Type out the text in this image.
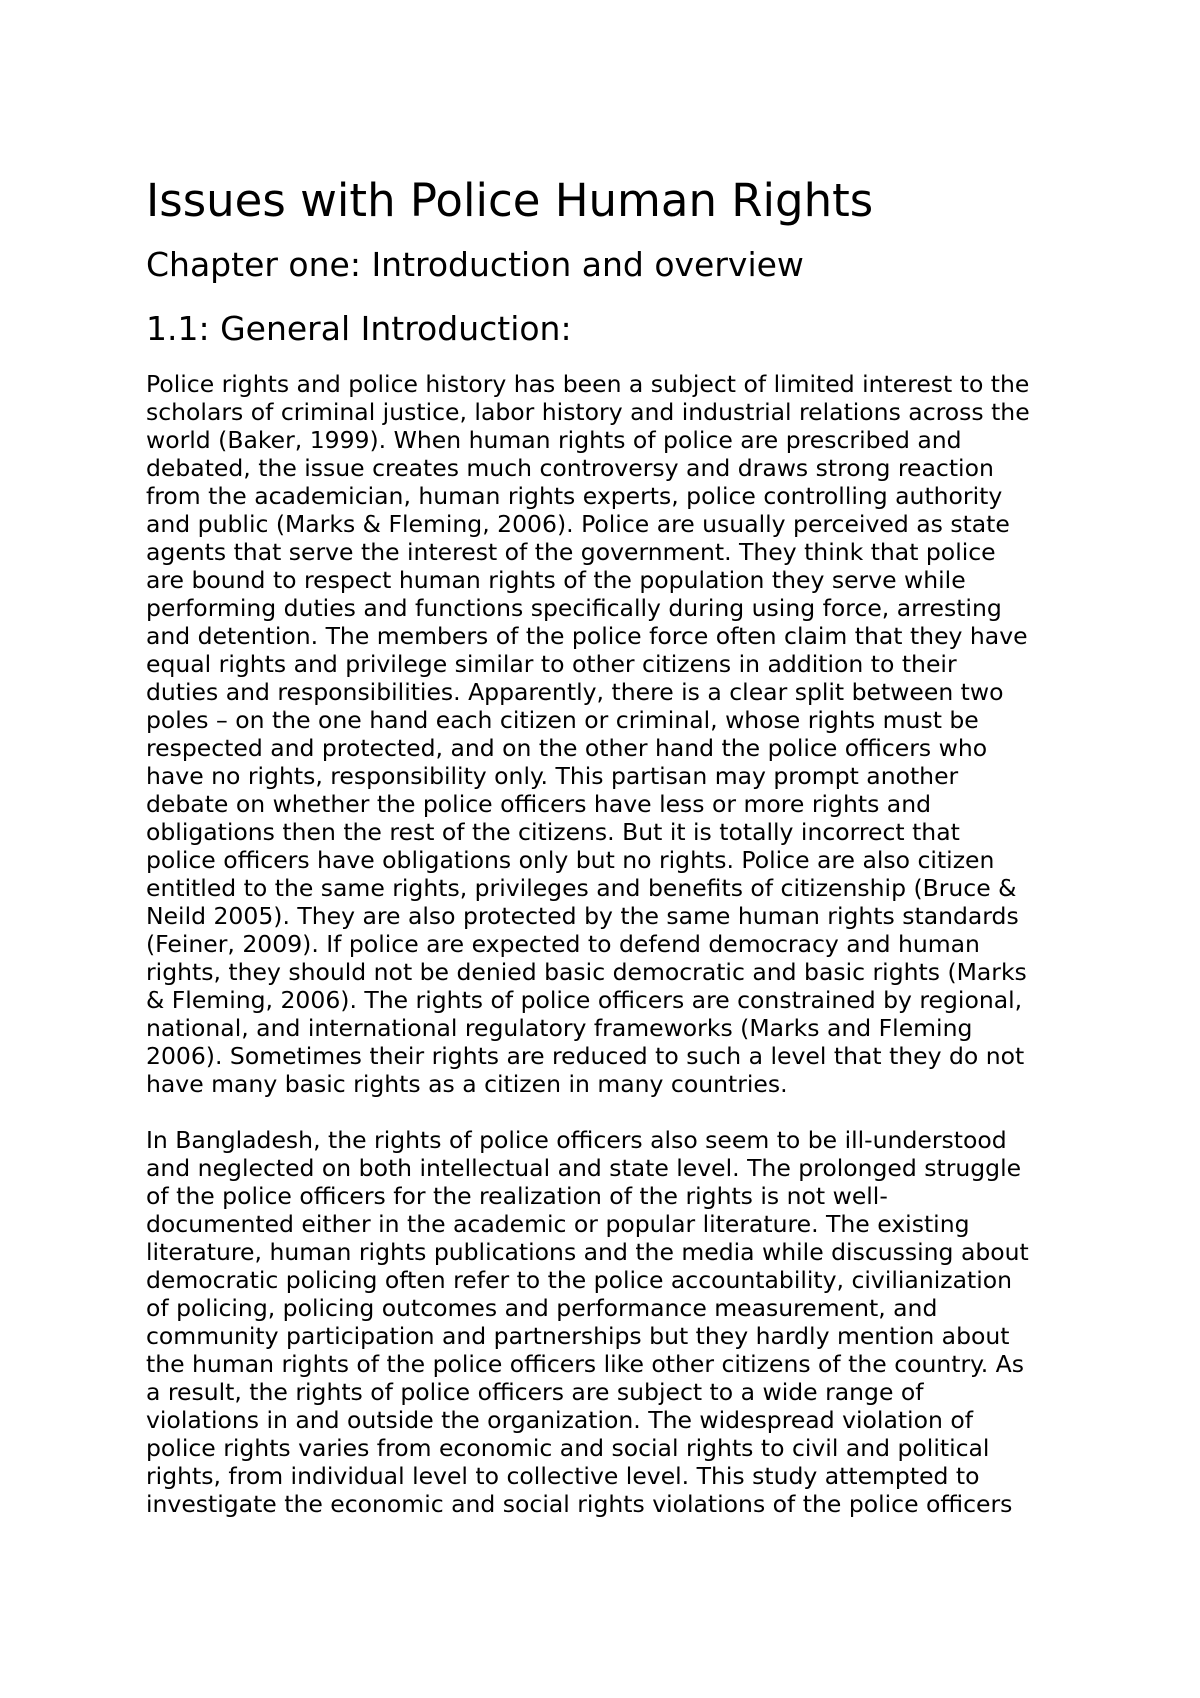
Issues with Police Human Rights
Chapter one: Introduction and overview
1.1: General Introduction:
Police rights and police history has been a subject of limited interest to the
scholars of criminal justice, labor history and industrial relations across the
world (Baker, 1999). When human rights of police are prescribed and
debated, the issue creates much controversy and draws strong reaction
from the academician, human rights experts, police controlling authority
and public (Marks & Fleming, 2006). Police are usually perceived as state
agents that serve the interest of the government. They think that police
are bound to respect human rights of the population they serve while
performing duties and functions specifically during using force, arresting
and detention. The members of the police force often claim that they have
equal rights and privilege similar to other citizens in addition to their
duties and responsibilities. Apparently, there is a clear split between two
poles – on the one hand each citizen or criminal, whose rights must be
respected and protected, and on the other hand the police officers who
have no rights, responsibility only. This partisan may prompt another
debate on whether the police officers have less or more rights and
obligations then the rest of the citizens. But it is totally incorrect that
police officers have obligations only but no rights. Police are also citizen
entitled to the same rights, privileges and benefits of citizenship (Bruce &
Neild 2005). They are also protected by the same human rights standards
(Feiner, 2009). If police are expected to defend democracy and human
rights, they should not be denied basic democratic and basic rights (Marks
& Fleming, 2006). The rights of police officers are constrained by regional,
national, and international regulatory frameworks (Marks and Fleming
2006). Sometimes their rights are reduced to such a level that they do not
have many basic rights as a citizen in many countries.
In Bangladesh, the rights of police officers also seem to be ill-understood
and neglected on both intellectual and state level. The prolonged struggle
of the police officers for the realization of the rights is not well-
documented either in the academic or popular literature. The existing
literature, human rights publications and the media while discussing about
democratic policing often refer to the police accountability, civilianization
of policing, policing outcomes and performance measurement, and
community participation and partnerships but they hardly mention about
the human rights of the police officers like other citizens of the country. As
a result, the rights of police officers are subject to a wide range of
violations in and outside the organization. The widespread violation of
police rights varies from economic and social rights to civil and political
rights, from individual level to collective level. This study attempted to
investigate the economic and social rights violations of the police officers
